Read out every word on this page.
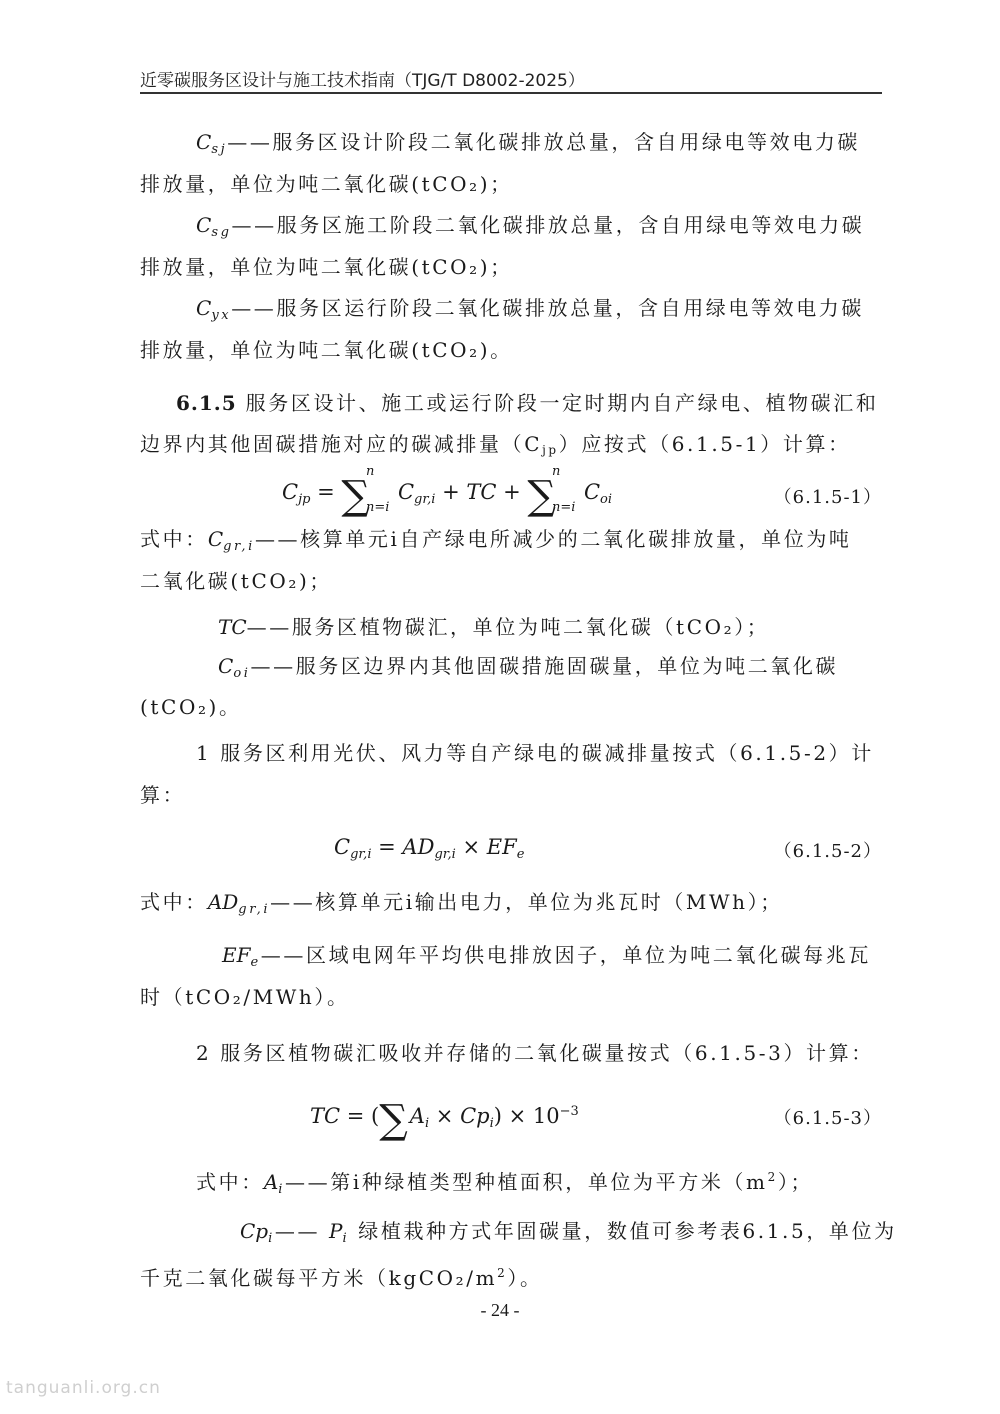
近零碳服务区设计与施工技术指南（TJG/T D8002-2025）
$C_{sj}——$服务区设计阶段二氧化碳排放总量，含自用绿电等效电力碳
排放量，单位为吨二氧化碳(tCO₂)；
$C_{sg}——$服务区施工阶段二氧化碳排放总量，含自用绿电等效电力碳
排放量，单位为吨二氧化碳(tCO₂)；
$C_{yx}——$服务区运行阶段二氧化碳排放总量，含自用绿电等效电力碳
排放量，单位为吨二氧化碳(tCO₂)。
6.1.5 服务区设计、施工或运行阶段一定时期内自产绿电、植物碳汇和
边界内其他固碳措施对应的碳减排量（Cjp）应按式（6.1.5-1）计算：
Cjp = ∑
n
n=i
Cgr,i + TC + ∑
n
n=i
Coi	（6.1.5-1）
式中：$C_{gr,i}——$核算单元i自产绿电所减少的二氧化碳排放量，单位为吨
二氧化碳(tCO₂)；
TC——服务区植物碳汇，单位为吨二氧化碳（tCO₂）；
$C_{oi}——$服务区边界内其他固碳措施固碳量，单位为吨二氧化碳
(tCO₂)。
1 服务区利用光伏、风力等自产绿电的碳减排量按式（6.1.5-2）计
算：
Cgr,i = ADgr,i × EFe	（6.1.5-2）
式中：$AD_{gr,i}——$核算单元i输出电力，单位为兆瓦时（MWh）；
$EF_e——$区域电网年平均供电排放因子，单位为吨二氧化碳每兆瓦
时（tCO₂/MWh）。
2 服务区植物碳汇吸收并存储的二氧化碳量按式（6.1.5-3）计算：
TC = $(\sum Ai \times Cpi) \times 10^{-3}$	（6.1.5-3）
式中：$A_i——$第i种绿植类型种植面积，单位为平方米$(m^2)$；
$Cp_i——$ $P_i$ 绿植栽种方式年固碳量，数值可参考表6.1.5，单位为
千克二氧化碳每平方米$(kgCO_2/m^2)$。
- 24 -
tanguanli.org.cn
